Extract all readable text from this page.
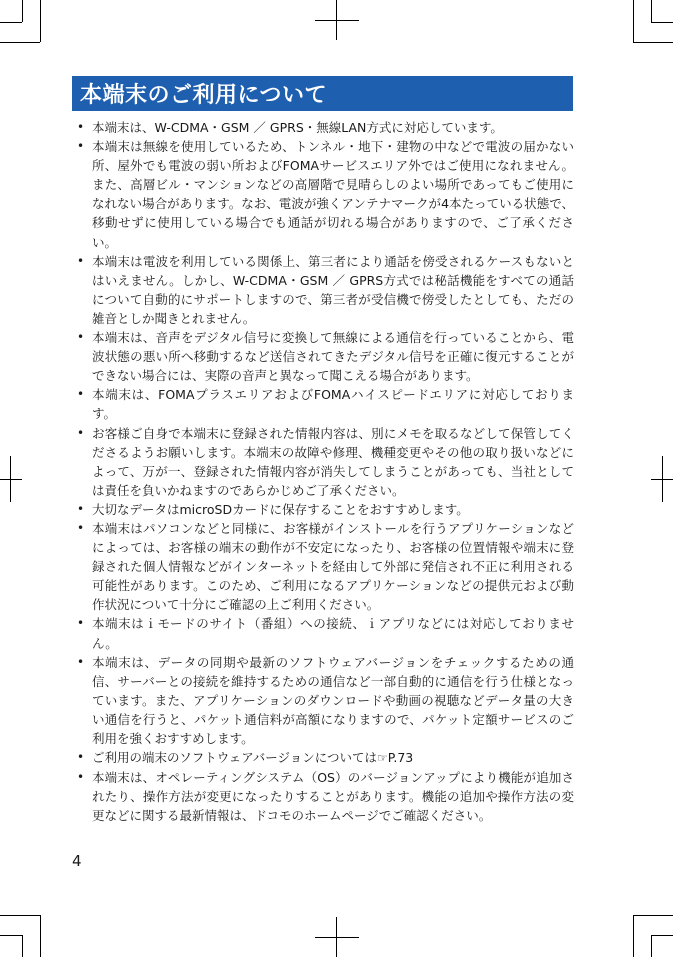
本端末のご利用について
• 本端末は、W-CDMA・GSM ／ GPRS・無線LAN方式に対応しています。
• 本端末は無線を使用しているため、トンネル・地下・建物の中などで電波の届かない所、屋外でも電波の弱い所およびFOMAサービスエリア外ではご使用になれません。また、高層ビル・マンションなどの高層階で見晴らしのよい場所であってもご使用になれない場合があります。なお、電波が強くアンテナマークが4本たっている状態で、移動せずに使用している場合でも通話が切れる場合がありますので、ご了承ください。
• 本端末は電波を利用している関係上、第三者により通話を傍受されるケースもないとはいえません。しかし、W-CDMA・GSM ／ GPRS方式では秘話機能をすべての通話について自動的にサポートしますので、第三者が受信機で傍受したとしても、ただの雑音としか聞きとれません。
• 本端末は、音声をデジタル信号に変換して無線による通信を行っていることから、電波状態の悪い所へ移動するなど送信されてきたデジタル信号を正確に復元することができない場合には、実際の音声と異なって聞こえる場合があります。
• 本端末は、FOMAプラスエリアおよびFOMAハイスピードエリアに対応しております。
• お客様ご自身で本端末に登録された情報内容は、別にメモを取るなどして保管してくださるようお願いします。本端末の故障や修理、機種変更やその他の取り扱いなどによって、万が一、登録された情報内容が消失してしまうことがあっても、当社としては責任を負いかねますのであらかじめご了承ください。
• 大切なデータはmicroSDカードに保存することをおすすめします。
• 本端末はパソコンなどと同様に、お客様がインストールを行うアプリケーションなどによっては、お客様の端末の動作が不安定になったり、お客様の位置情報や端末に登録された個人情報などがインターネットを経由して外部に発信され不正に利用される可能性があります。このため、ご利用になるアプリケーションなどの提供元および動作状況について十分にご確認の上ご利用ください。
• 本端末はｉモードのサイト（番組）への接続、ｉアプリなどには対応しておりません。
• 本端末は、データの同期や最新のソフトウェアバージョンをチェックするための通信、サーバーとの接続を維持するための通信など一部自動的に通信を行う仕様となっています。また、アプリケーションのダウンロードや動画の視聴などデータ量の大きい通信を行うと、パケット通信料が高額になりますので、パケット定額サービスのご利用を強くおすすめします。
• ご利用の端末のソフトウェアバージョンについては☞P.73
• 本端末は、オペレーティングシステム（OS）のバージョンアップにより機能が追加されたり、操作方法が変更になったりすることがあります。機能の追加や操作方法の変更などに関する最新情報は、ドコモのホームページでご確認ください。
4
